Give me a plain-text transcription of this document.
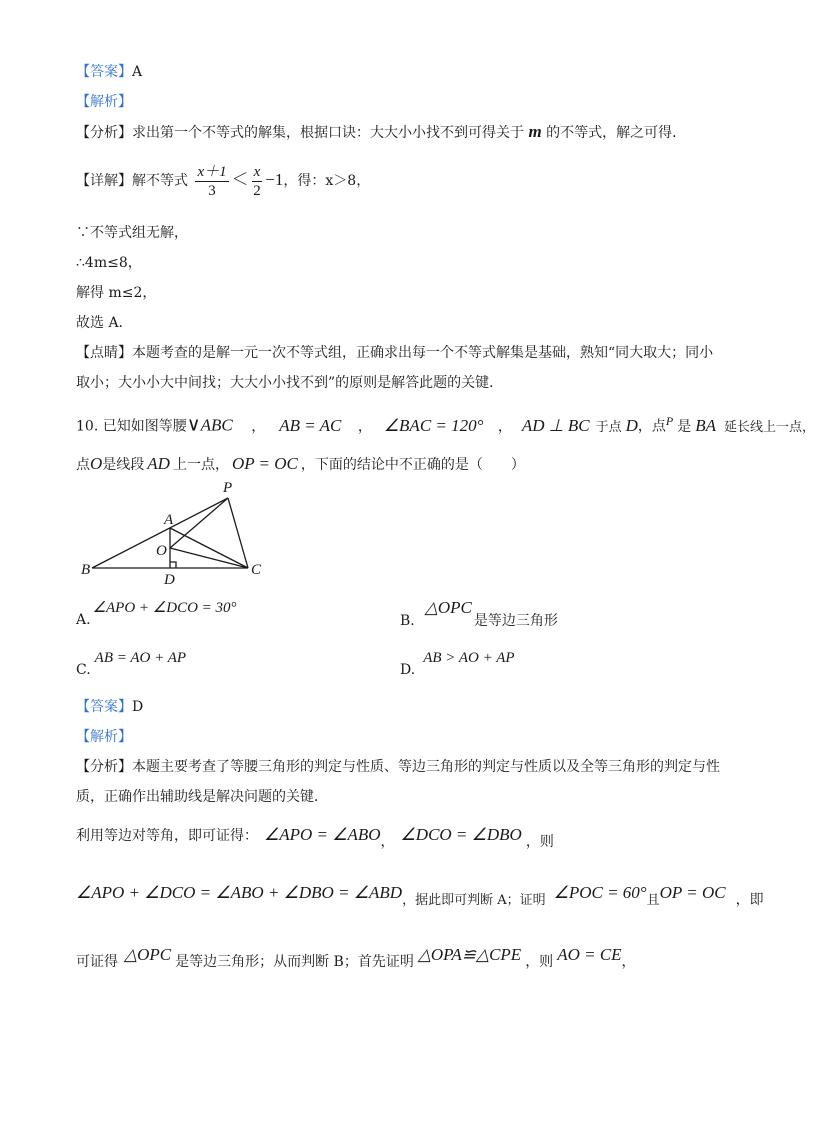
【答案】A
【解析】
【分析】求出第一个不等式的解集，根据口诀：大大小小找不到可得关于 m 的不等式，解之可得．
【详解】解不等式 $\frac{x+1}{3} < \frac{x}{2} -1$，得：x＞8，
∵不等式组无解，
∴4m≤8，
解得 m≤2，
故选 A．
【点睛】本题考查的是解一元一次不等式组，正确求出每一个不等式解集是基础，熟知“同大取大；同小
取小；大小小大中间找；大大小小找不到”的原则是解答此题的关键．
10. 已知如图等腰∨ABC ， AB = AC ， ∠BAC = 120° ， AD ⊥ BC 于点 D，点$^P$ 是 BA 延长线上一点，
点O是线段 AD 上一点， OP = OC ，下面的结论中不正确的是（　　）
P
A
O
B
D
C
A.∠APO + ∠DCO = 30°
B.△OPC是等边三角形
C.AB = AO + AP
D.AB > AO + AP
【答案】D
【解析】
【分析】本题主要考查了等腰三角形的判定与性质、等边三角形的判定与性质以及全等三角形的判定与性
质，正确作出辅助线是解决问题的关键．
利用等边对等角，即可证得： ∠APO = ∠ABO， ∠DCO = ∠DBO ，则
∠APO + ∠DCO = ∠ABO + ∠DBO = ∠ABD，据此即可判断 A；证明 ∠POC = 60°且OP = OC ，即
可证得 △OPC 是等边三角形；从而判断 B；首先证明 △OPA≌△CPE ，则 AO = CE，
